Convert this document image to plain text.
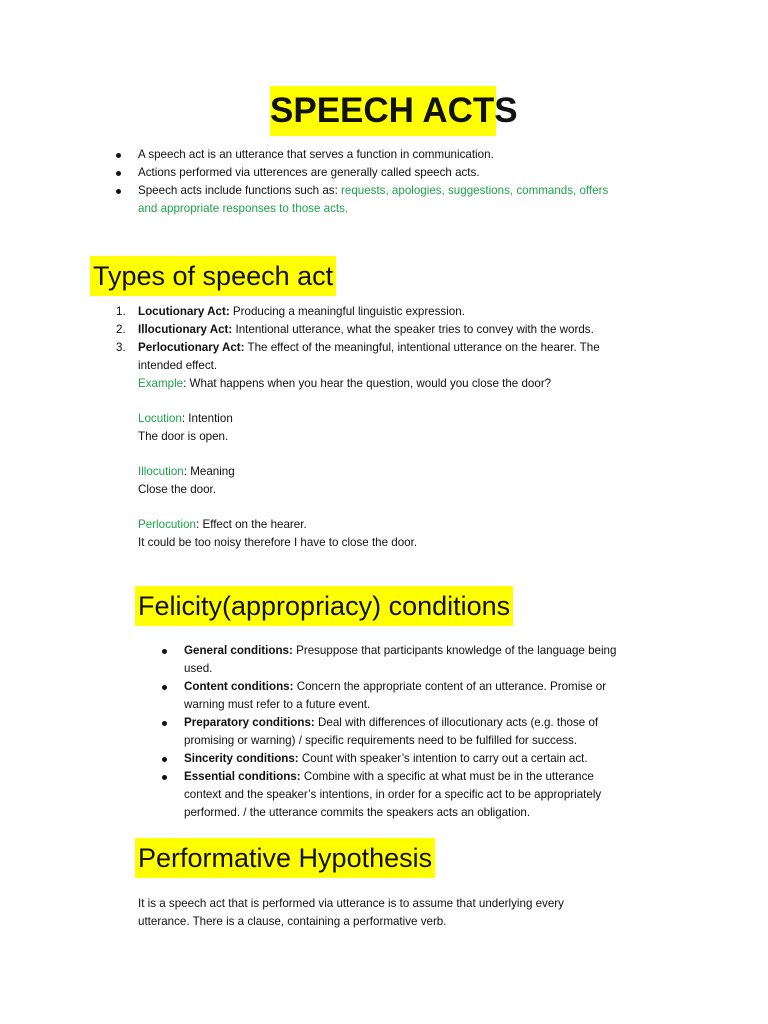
SPEECH ACTS
A speech act is an utterance that serves a function in communication.
Actions performed via utterences are generally called speech acts.
Speech acts include functions such as: requests, apologies, suggestions, commands, offers
and appropriate responses to those acts.
Types of speech act
1. Locutionary Act: Producing a meaningful linguistic expression.
2. Illocutionary Act: Intentional utterance, what the speaker tries to convey with the words.
3. Perlocutionary Act: The effect of the meaningful, intentional utterance on the hearer. The
intended effect.
Example: What happens when you hear the question, would you close the door?
Locution: Intention
The door is open.
Illocution: Meaning
Close the door.
Perlocution: Effect on the hearer.
It could be too noisy therefore I have to close the door.
Felicity(appropriacy) conditions
General conditions: Presuppose that participants knowledge of the language being
used.
Content conditions: Concern the appropriate content of an utterance. Promise or
warning must refer to a future event.
Preparatory conditions: Deal with differences of illocutionary acts (e.g. those of
promising or warning) / specific requirements need to be fulfilled for success.
Sincerity conditions: Count with speaker’s intention to carry out a certain act.
Essential conditions: Combine with a specific at what must be in the utterance
context and the speaker’s intentions, in order for a specific act to be appropriately
performed. / the utterance commits the speakers acts an obligation.
Performative Hypothesis
It is a speech act that is performed via utterance is to assume that underlying every
utterance. There is a clause, containing a performative verb.
